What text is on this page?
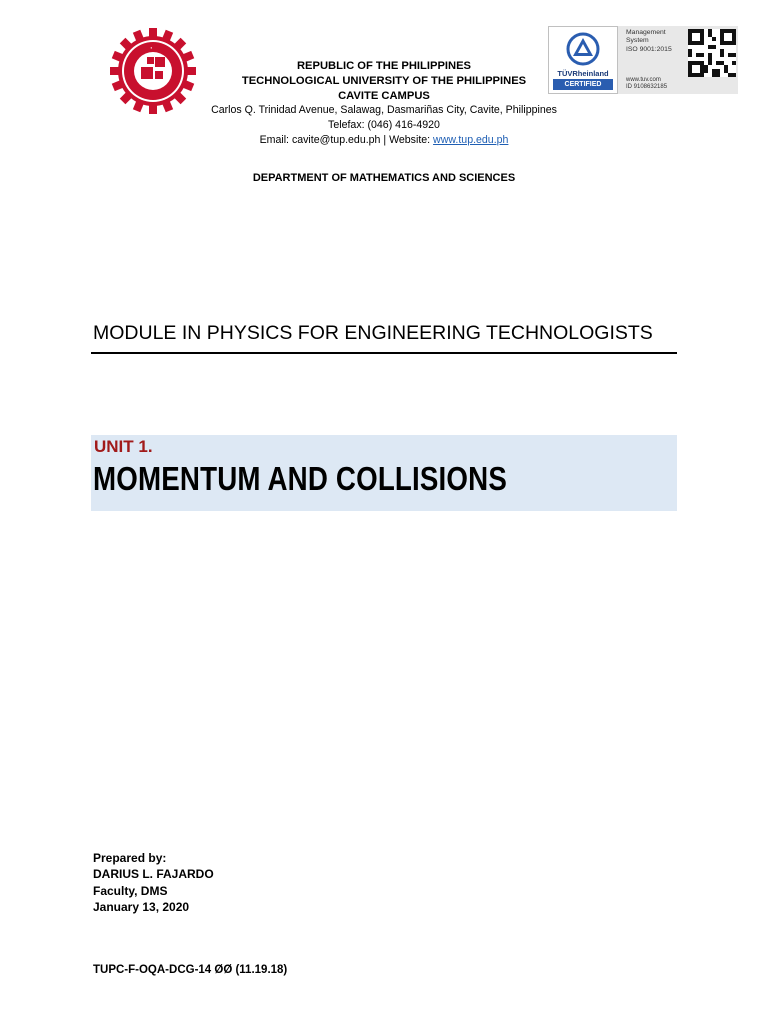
•
REPUBLIC OF THE PHILIPPINES
TECHNOLOGICAL UNIVERSITY OF THE PHILIPPINES
CAVITE CAMPUS
Carlos Q. Trinidad Avenue, Salawag, Dasmariñas City, Cavite, Philippines
Telefax: (046) 416-4920
Email: cavite@tup.edu.ph | Website: www.tup.edu.ph
DEPARTMENT OF MATHEMATICS AND SCIENCES
TÜVRheinland
CERTIFIED
Management
System
ISO 9001:2015
www.tuv.com
ID 9108632185
MODULE IN PHYSICS FOR ENGINEERING TECHNOLOGISTS
UNIT 1.
MOMENTUM AND COLLISIONS
Prepared by:
DARIUS L. FAJARDO
Faculty, DMS
January 13, 2020
TUPC-F-OQA-DCG-14 ØØ (11.19.18)
